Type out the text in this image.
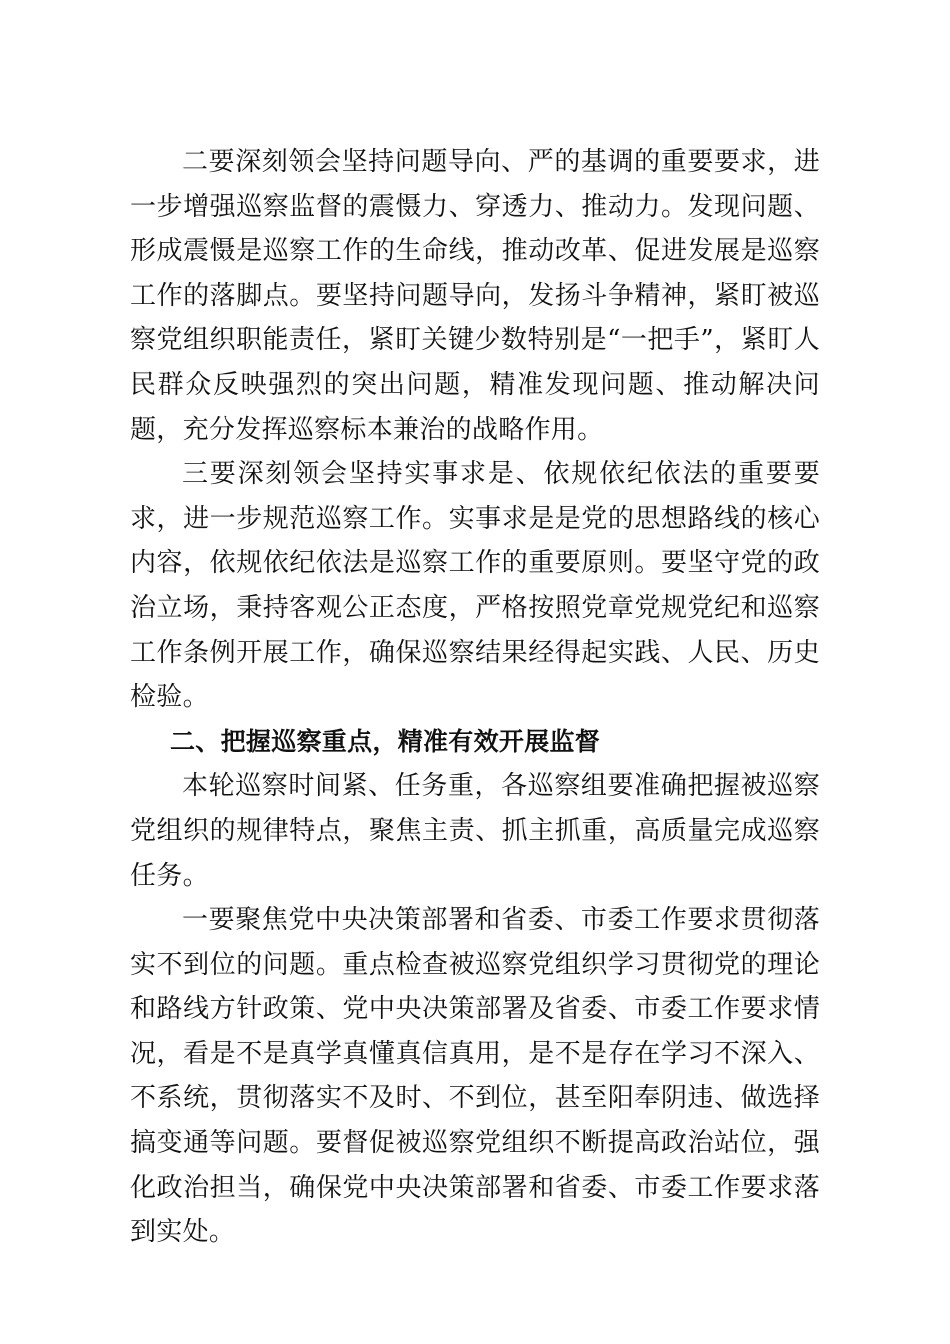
二要深刻领会坚持问题导向、严的基调的重要要求，进一步增强巡察监督的震慑力、穿透力、推动力。发现问题、形成震慑是巡察工作的生命线，推动改革、促进发展是巡察工作的落脚点。要坚持问题导向，发扬斗争精神，紧盯被巡察党组织职能责任，紧盯关键少数特别是“一把手”，紧盯人民群众反映强烈的突出问题，精准发现问题、推动解决问题，充分发挥巡察标本兼治的战略作用。

三要深刻领会坚持实事求是、依规依纪依法的重要要求，进一步规范巡察工作。实事求是是党的思想路线的核心内容，依规依纪依法是巡察工作的重要原则。要坚守党的政治立场，秉持客观公正态度，严格按照党章党规党纪和巡察工作条例开展工作，确保巡察结果经得起实践、人民、历史检验。

二、把握巡察重点，精准有效开展监督

本轮巡察时间紧、任务重，各巡察组要准确把握被巡察党组织的规律特点，聚焦主责、抓主抓重，高质量完成巡察任务。

一要聚焦党中央决策部署和省委、市委工作要求贯彻落实不到位的问题。重点检查被巡察党组织学习贯彻党的理论和路线方针政策、党中央决策部署及省委、市委工作要求情况，看是不是真学真懂真信真用，是不是存在学习不深入、不系统，贯彻落实不及时、不到位，甚至阳奉阴违、做选择搞变通等问题。要督促被巡察党组织不断提高政治站位，强化政治担当，确保党中央决策部署和省委、市委工作要求落到实处。
